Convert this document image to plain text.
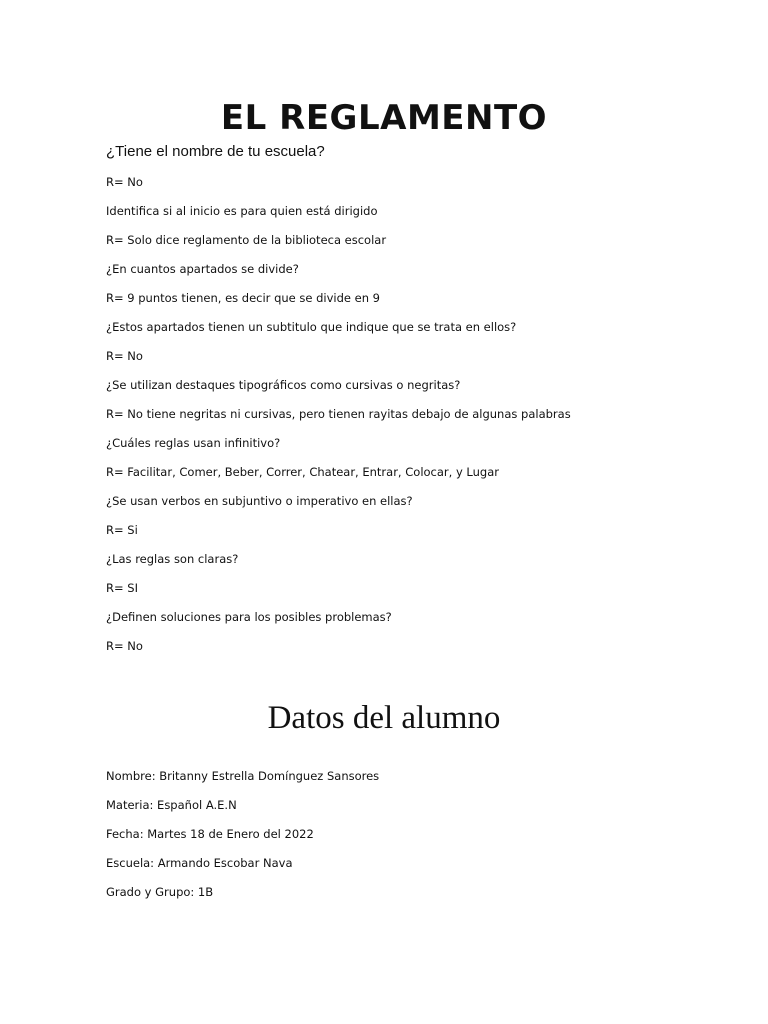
EL REGLAMENTO

¿Tiene el nombre de tu escuela?

R= No
Identifica si al inicio es para quien está dirigido
R= Solo dice reglamento de la biblioteca escolar
¿En cuantos apartados se divide?
R= 9 puntos tienen, es decir que se divide en 9
¿Estos apartados tienen un subtitulo que indique que se trata en ellos?
R= No
¿Se utilizan destaques tipográficos como cursivas o negritas?
R= No tiene negritas ni cursivas, pero tienen rayitas debajo de algunas palabras
¿Cuáles reglas usan infinitivo?
R= Facilitar, Comer, Beber, Correr, Chatear, Entrar, Colocar, y Lugar
¿Se usan verbos en subjuntivo o imperativo en ellas?
R= Si
¿Las reglas son claras?
R= SI
¿Definen soluciones para los posibles problemas?
R= No
Datos del alumno
Nombre: Britanny Estrella Domínguez Sansores
Materia: Español A.E.N
Fecha: Martes 18 de Enero del 2022
Escuela: Armando Escobar Nava
Grado y Grupo: 1B
